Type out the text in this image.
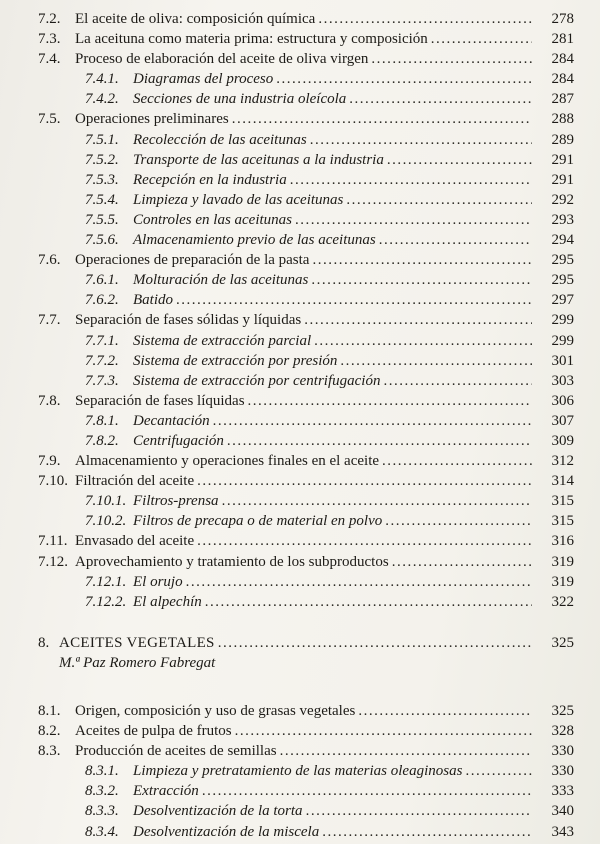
7.2. El aceite de oliva: composición química .....	278
7.3. La aceituna como materia prima: estructura y composición .....	281
7.4. Proceso de elaboración del aceite de oliva virgen .....	284
7.4.1. Diagramas del proceso .....	284
7.4.2. Secciones de una industria oleícola .....	287
7.5. Operaciones preliminares .....	288
7.5.1. Recolección de las aceitunas .....	289
7.5.2. Transporte de las aceitunas a la industria .....	291
7.5.3. Recepción en la industria .....	291
7.5.4. Limpieza y lavado de las aceitunas .....	292
7.5.5. Controles en las aceitunas .....	293
7.5.6. Almacenamiento previo de las aceitunas .....	294
7.6. Operaciones de preparación de la pasta .....	295
7.6.1. Molturación de las aceitunas .....	295
7.6.2. Batido .....	297
7.7. Separación de fases sólidas y líquidas .....	299
7.7.1. Sistema de extracción parcial .....	299
7.7.2. Sistema de extracción por presión .....	301
7.7.3. Sistema de extracción por centrifugación .....	303
7.8. Separación de fases líquidas .....	306
7.8.1. Decantación .....	307
7.8.2. Centrifugación .....	309
7.9. Almacenamiento y operaciones finales en el aceite .....	312
7.10. Filtración del aceite .....	314
7.10.1. Filtros-prensa .....	315
7.10.2. Filtros de precapa o de material en polvo .....	315
7.11. Envasado del aceite .....	316
7.12. Aprovechamiento y tratamiento de los subproductos .....	319
7.12.1. El orujo .....	319
7.12.2. El alpechín .....	322
8. ACEITES VEGETALES .....	325
M.ª Paz Romero Fabregat
8.1. Origen, composición y uso de grasas vegetales .....	325
8.2. Aceites de pulpa de frutos .....	328
8.3. Producción de aceites de semillas .....	330
8.3.1. Limpieza y pretratamiento de las materias oleaginosas .....	330
8.3.2. Extracción .....	333
8.3.3. Desolventización de la torta .....	340
8.3.4. Desolventización de la miscela .....	343
